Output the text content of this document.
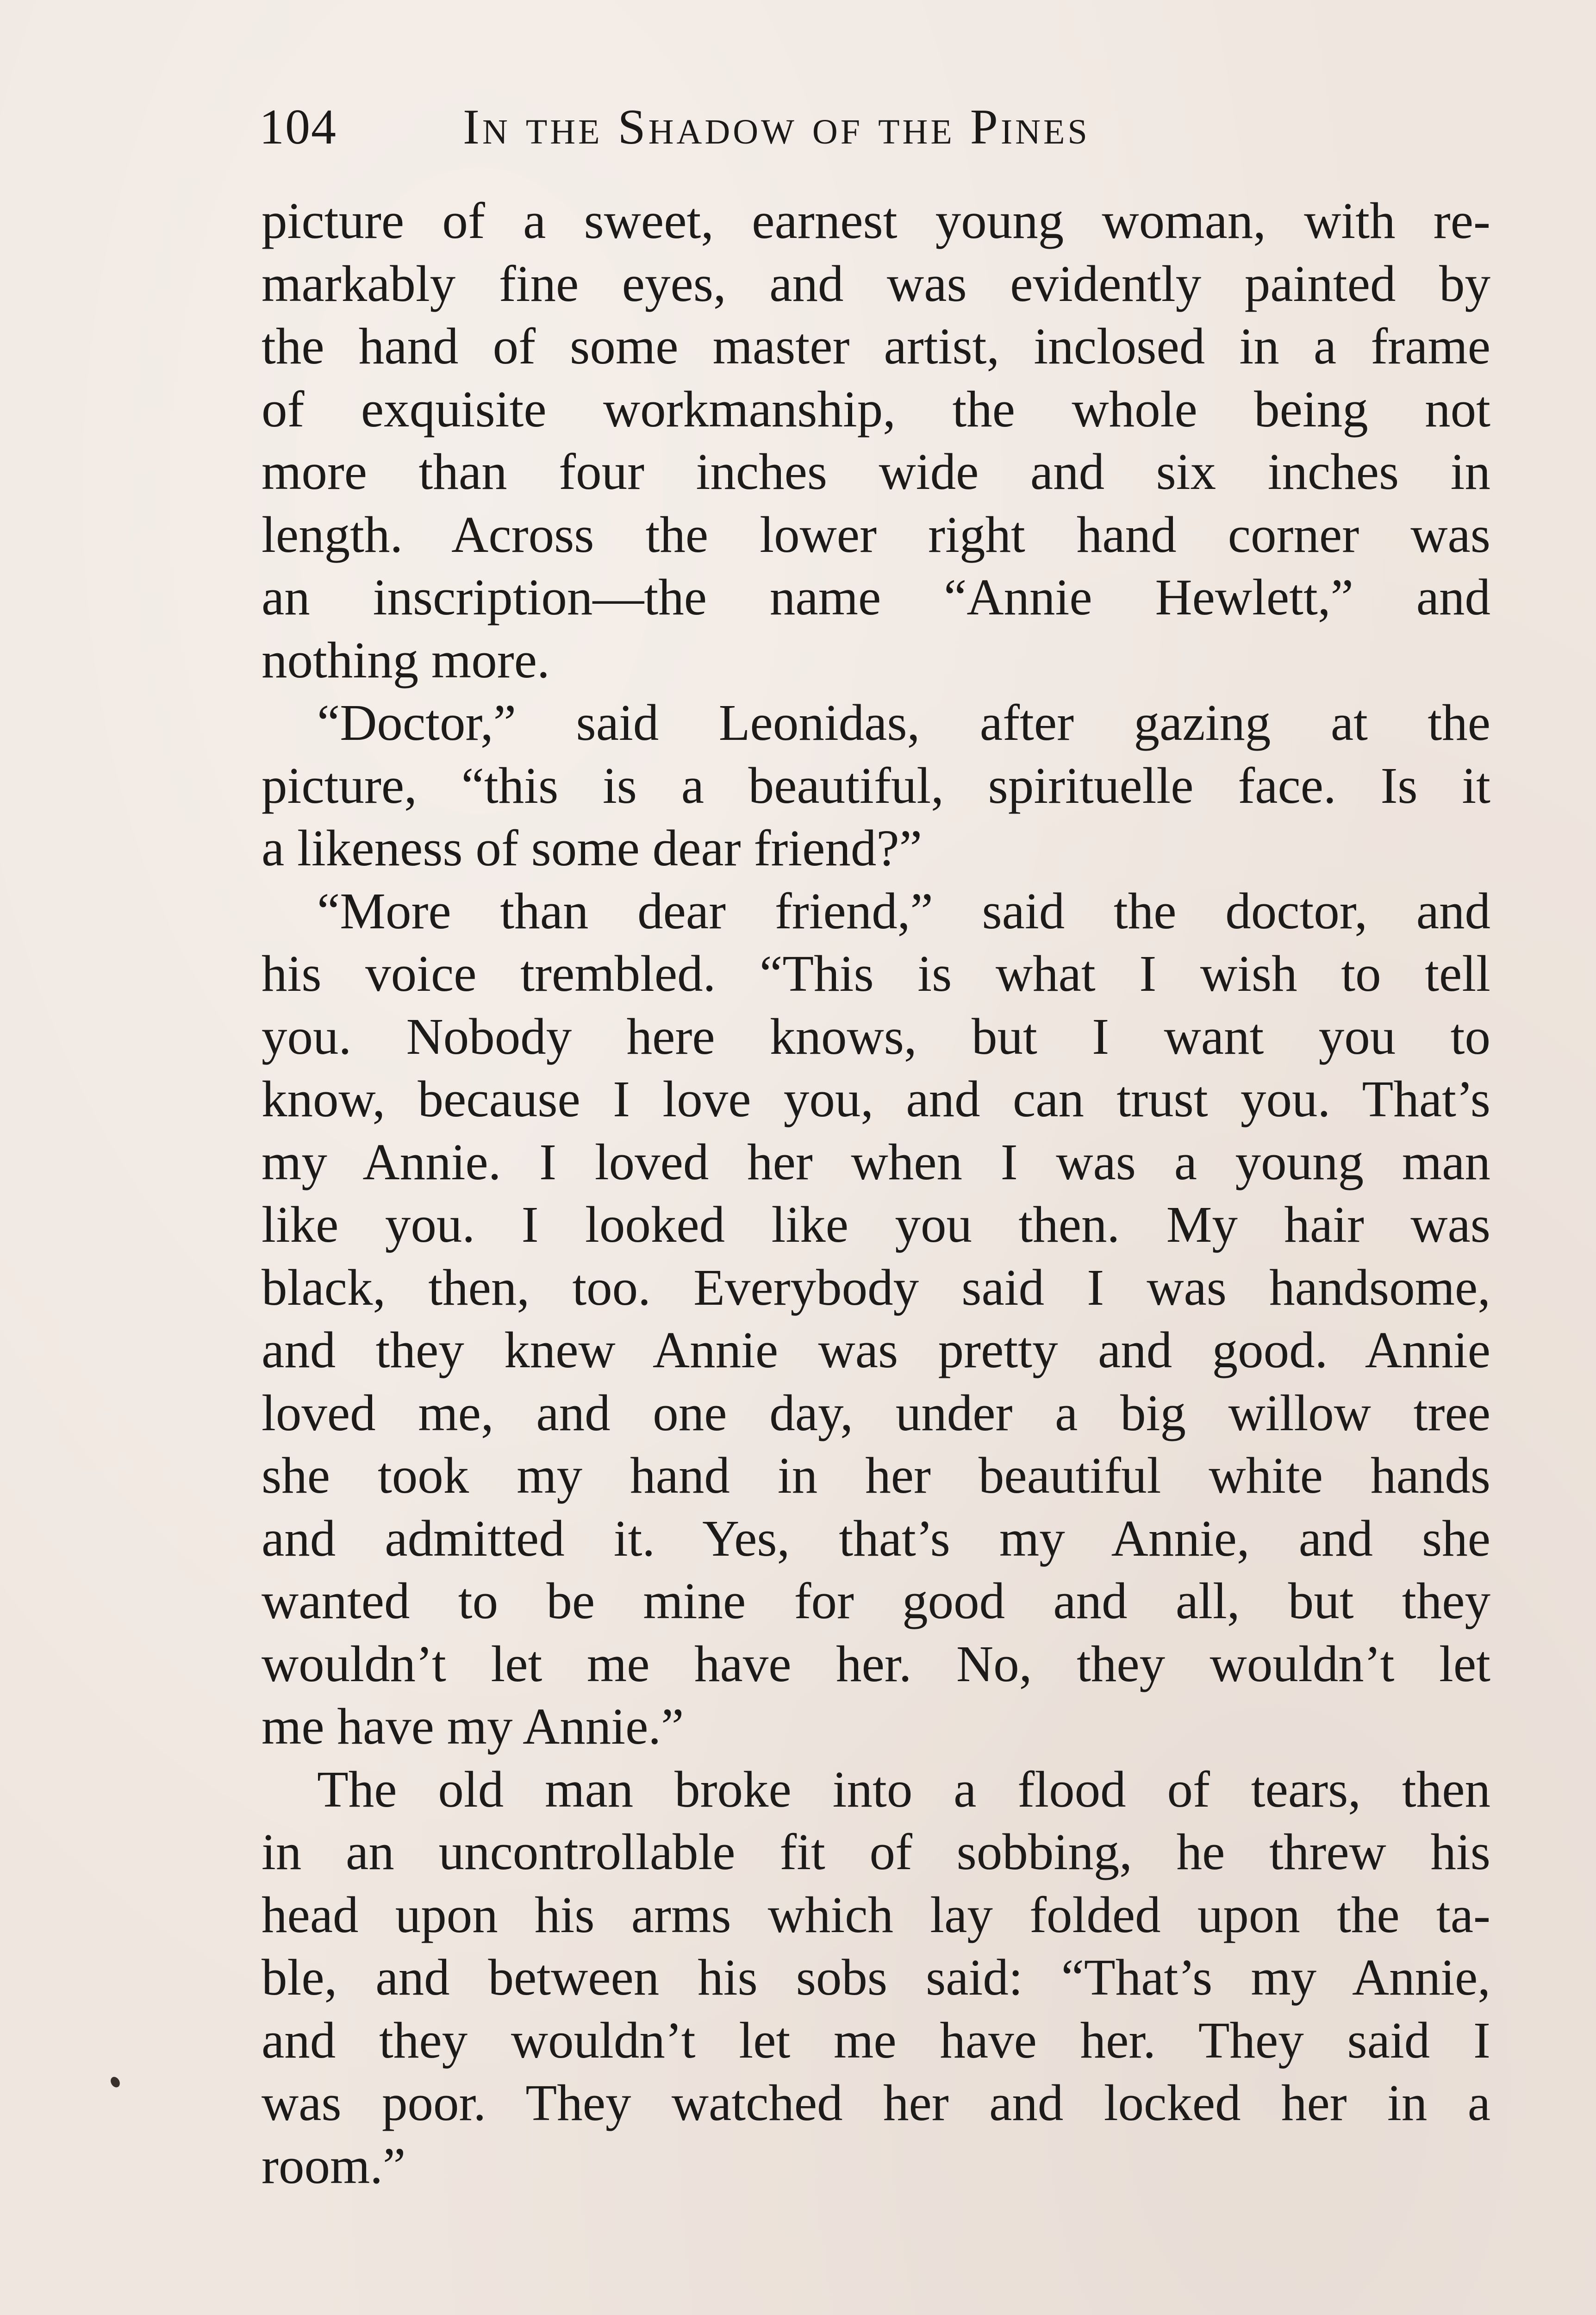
104	In the Shadow of the Pines

picture of a sweet, earnest young woman, with re-
markably fine eyes, and was evidently painted by
the hand of some master artist, inclosed in a frame
of exquisite workmanship, the whole being not
more than four inches wide and six inches in
length. Across the lower right hand corner was
an inscription—the name “Annie Hewlett,” and
nothing more.

“Doctor,” said Leonidas, after gazing at the
picture, “this is a beautiful, spirituelle face. Is it
a likeness of some dear friend?”

“More than dear friend,” said the doctor, and
his voice trembled. “This is what I wish to tell
you. Nobody here knows, but I want you to
know, because I love you, and can trust you. That’s
my Annie. I loved her when I was a young man
like you. I looked like you then. My hair was
black, then, too. Everybody said I was handsome,
and they knew Annie was pretty and good. Annie
loved me, and one day, under a big willow tree
she took my hand in her beautiful white hands
and admitted it. Yes, that’s my Annie, and she
wanted to be mine for good and all, but they
wouldn’t let me have her. No, they wouldn’t let
me have my Annie.”

The old man broke into a flood of tears, then
in an uncontrollable fit of sobbing, he threw his
head upon his arms which lay folded upon the ta-
ble, and between his sobs said: “That’s my Annie,
and they wouldn’t let me have her. They said I
was poor. They watched her and locked her in a
room.”
